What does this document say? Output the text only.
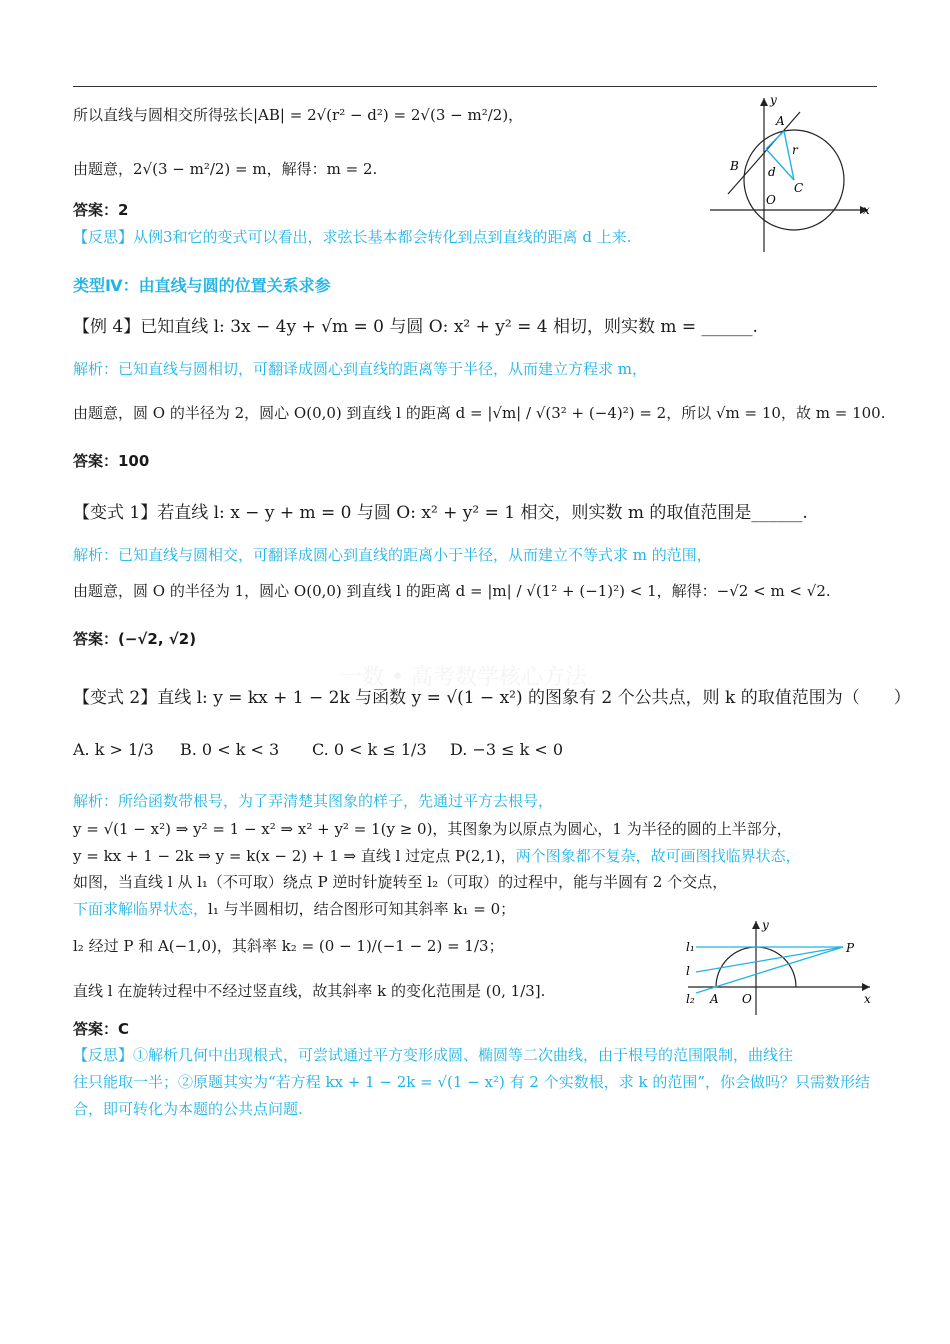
一数 • 高考数学核心方法
所以直线与圆相交所得弦长|AB| = 2√(r² − d²) = 2√(3 − m²/2)，
由题意，2√(3 − m²/2) = m，解得：m = 2.
答案：2
【反思】从例3和它的变式可以看出，求弦长基本都会转化到点到直线的距离 d 上来.
y
A
B
r
d
C
O
x
类型Ⅳ：由直线与圆的位置关系求参
【例 4】已知直线 l: 3x − 4y + √m = 0 与圆 O: x² + y² = 4 相切，则实数 m = ______.
解析：已知直线与圆相切，可翻译成圆心到直线的距离等于半径，从而建立方程求 m，
由题意，圆 O 的半径为 2，圆心 O(0,0) 到直线 l 的距离 d = |√m| / √(3² + (−4)²) = 2，所以 √m = 10，故 m = 100.
答案：100
【变式 1】若直线 l: x − y + m = 0 与圆 O: x² + y² = 1 相交，则实数 m 的取值范围是______.
解析：已知直线与圆相交，可翻译成圆心到直线的距离小于半径，从而建立不等式求 m 的范围，
由题意，圆 O 的半径为 1，圆心 O(0,0) 到直线 l 的距离 d = |m| / √(1² + (−1)²) < 1，解得：−√2 < m < √2.
答案：(−√2, √2)
【变式 2】直线 l: y = kx + 1 − 2k 与函数 y = √(1 − x²) 的图象有 2 个公共点，则 k 的取值范围为（　　）
A. k > 1/3 B. 0 < k < 3 C. 0 < k ≤ 1/3 D. −3 ≤ k < 0
解析：所给函数带根号，为了弄清楚其图象的样子，先通过平方去根号，
y = √(1 − x²) ⇒ y² = 1 − x² ⇒ x² + y² = 1(y ≥ 0)，其图象为以原点为圆心，1 为半径的圆的上半部分，
y = kx + 1 − 2k ⇒ y = k(x − 2) + 1 ⇒ 直线 l 过定点 P(2,1)，两个图象都不复杂，故可画图找临界状态，
如图，当直线 l 从 l₁（不可取）绕点 P 逆时针旋转至 l₂（可取）的过程中，能与半圆有 2 个交点，
下面求解临界状态，l₁ 与半圆相切，结合图形可知其斜率 k₁ = 0；
l₂ 经过 P 和 A(−1,0)，其斜率 k₂ = (0 − 1)/(−1 − 2) = 1/3；
直线 l 在旋转过程中不经过竖直线，故其斜率 k 的变化范围是 (0, 1/3].
答案：C
【反思】①解析几何中出现根式，可尝试通过平方变形成圆、椭圆等二次曲线，由于根号的范围限制，曲线往
往只能取一半；②原题其实为“若方程 kx + 1 − 2k = √(1 − x²) 有 2 个实数根，求 k 的范围”，你会做吗？只需数形结
合，即可转化为本题的公共点问题.
y
l₁
l
l₂ A O
P
x
